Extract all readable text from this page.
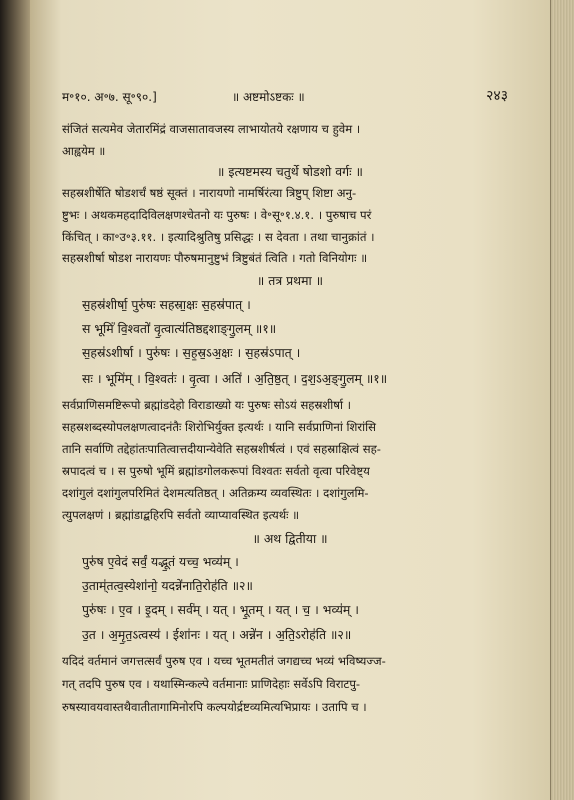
म॰१०. अ॰७. सू॰९०.]	॥ अष्टमोऽष्टकः ॥	२४३
संजितं सत्यमेव जेतारमिंद्रं वाजसातावजस्य लाभायोतये रक्षणाय च हुवेम ।
आह्वयेम ॥
॥ इत्यष्टमस्य चतुर्थे षोडशो वर्गः ॥
सहस्रशीर्षेति षोडशर्चं षष्ठं सूक्तं । नारायणो नामर्षिरंत्या त्रिष्टुप् शिष्टा अनु-
ष्टुभः । अथकमहदादिविलक्षणश्चेतनो यः पुरुषः । वे॰सू॰१.४.१. । पुरुषाच परं
किंचित् । का॰उ॰३.११. । इत्यादिश्रुतिषु प्रसिद्धः । स देवता । तथा चानुक्रांतं ।
सहस्रशीर्षा षोडश नारायणः पौरुषमानुष्टुभं त्रिष्टुबंतं त्विति । गतो विनियोगः ॥
॥ तत्र प्रथमा ॥
स॒हस्र॑शीर्षा॒ पुरु॑षः सहस्रा॒क्षः स॒हस्र॑पात् ।
स भूमिं॑ वि॒श्वतो॑ वृ॒त्वात्य॑तिष्ठद्दशाङ्गु॒लम् ॥१॥
स॒हस्र॑ऽशीर्षा । पुरु॑षः । स॒ह॒स्र॒ऽअ॒क्षः । स॒हस्र॑ऽपात् ।
सः । भूमि॑म् । वि॒श्वतः॑ । वृ॒त्वा । अति॑ । अ॒ति॒ष्ठ॒त् । द॒श॒ऽअ॒ङ्गु॒लम् ॥१॥
सर्वप्राणिसमष्टिरूपो ब्रह्मांडदेहो विराडाख्यो यः पुरुषः सोऽयं सहस्रशीर्षा ।
सहस्रशब्दस्योपलक्षणत्वादनंतैः शिरोभिर्युक्त इत्यर्थः । यानि सर्वप्राणिनां शिरांसि
तानि सर्वाणि तद्देहांतःपातित्वात्तदीयान्येवेति सहस्रशीर्षत्वं । एवं सहस्राक्षित्वं सह-
स्रपादत्वं च । स पुरुषो भूमिं ब्रह्मांडगोलकरूपां विश्वतः सर्वतो वृत्वा परिवेष्ट्य
दशांगुलं दशांगुलपरिमितं देशमत्यतिष्ठत् । अतिक्रम्य व्यवस्थितः । दशांगुलमि-
त्युपलक्षणं । ब्रह्मांडाद्बहिरपि सर्वतो व्याप्यावस्थित इत्यर्थः ॥
॥ अथ द्वितीया ॥
पुरु॑ष ए॒वेदं सर्वं॒ यद्भू॒तं यच्च॒ भव्य॑म् ।
उ॒ताम्॑तत्व॒स्येशा॑नो॒ यदन्ने॑नाति॒रोह॑ति ॥२॥
पुरु॑षः । ए॒व । इ॒दम् । सर्व॑म् । यत् । भू॒तम् । यत् । च॒ । भव्य॑म् ।
उ॒त । अ॒मृ॒त॒ऽत्वस्य॑ । ईशा॑नः । यत् । अन्ने॑न । अ॒ति॒ऽरोह॑ति ॥२॥
यदिदं वर्तमानं जगत्तत्सर्वं पुरुष एव । यच्च भूतमतीतं जगद्यच्च भव्यं भविष्यज्ज-
गत् तदपि पुरुष एव । यथास्मिन्कल्पे वर्तमानाः प्राणिदेहाः सर्वेऽपि विराटपु-
रुषस्यावयवास्तथैवातीतागामिनोरपि कल्पयोर्द्रष्टव्यमित्यभिप्रायः । उतापि च ।
